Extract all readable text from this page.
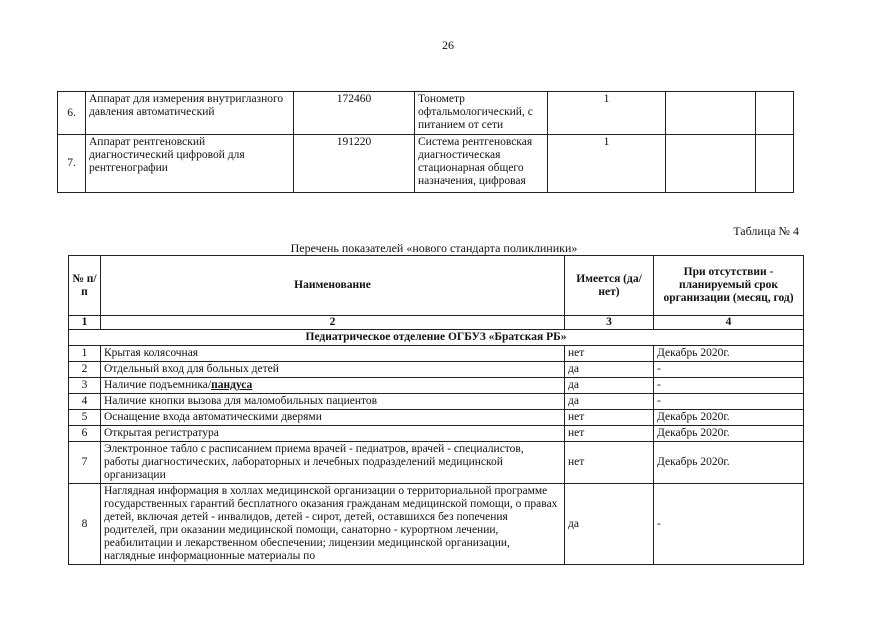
26
6.	Аппарат для измерения внутриглазного давления автоматический	172460	Тонометр офтальмологический, с питанием от сети	1		
7.	Аппарат рентгеновский диагностический цифровой для рентгенографии	191220	Система рентгеновская диагностическая стационарная общего назначения, цифровая	1		
Таблица № 4
Перечень показателей «нового стандарта поликлиники»
№ п/п	Наименование	Имеется (да/нет)	При отсутствии - планируемый срок организации (месяц, год)
1	2	3	4
Педиатрическое отделение ОГБУЗ «Братская РБ»			
1	Крытая колясочная	нет	Декабрь 2020г.
2	Отдельный вход для больных детей	да	-
3	Наличие подъемника/пандуса	да	-
4	Наличие кнопки вызова для маломобильных пациентов	да	-
5	Оснащение входа автоматическими дверями	нет	Декабрь 2020г.
6	Открытая регистратура	нет	Декабрь 2020г.
7	Электронное табло с расписанием приема врачей - педиатров, врачей - специалистов, работы диагностических, лабораторных и лечебных подразделений медицинской организации	нет	Декабрь 2020г.
8	Наглядная информация в холлах медицинской организации о территориальной программе государственных гарантий бесплатного оказания гражданам медицинской помощи, о правах детей, включая детей - инвалидов, детей - сирот, детей, оставшихся без попечения родителей, при оказании медицинской помощи, санаторно - курортном лечении, реабилитации и лекарственном обеспечении; лицензии медицинской организации, наглядные информационные материалы по	да	-
